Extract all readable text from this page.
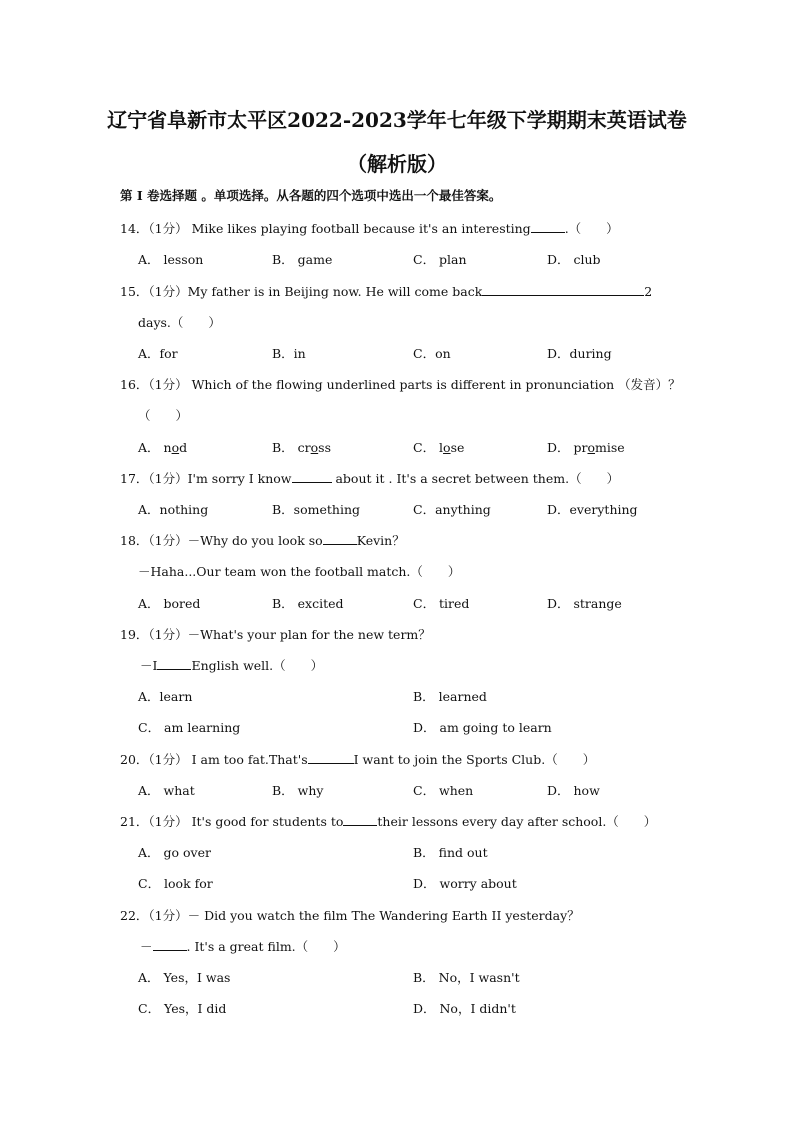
辽宁省阜新市太平区2022-2023学年七年级下学期期末英语试卷
（解析版）
第 I 卷选择题 。单项选择。从各题的四个选项中选出一个最佳答案。
14．（1分） Mike likes playing football because it's an interesting	.（　　）
A． lesson	B． game	C． plan	D． club
15．（1分）My father is in Beijing now. He will come back	2
days.（　　）
A．for	B．in	C．on	D．during
16．（1分） Which of the flowing underlined parts is different in pronunciation （发音）？
（　　）
A． nod	B． cross	C． lose	D． promise
17．（1分）I'm sorry I know	about it . It's a secret between them.（　　）
A．nothing	B．something	C．anything	D．everything
18．（1分）－Why do you look so	Kevin？
－Haha...Our team won the football match.（　　）
A． bored	B． excited	C． tired	D． strange
19．（1分）－What's your plan for the new term？
－I	English well.（　　）
A．learn	B． learned
C． am learning	D． am going to learn
20．（1分） I am too fat.That's	I want to join the Sports Club.（　　）
A． what	B． why	C． when	D． how
21．（1分） It's good for students to	their lessons every day after school.（　　）
A． go over	B． find out
C． look for	D． worry about
22．（1分）－ Did you watch the film The Wandering Earth II yesterday？
－	. It's a great film.（　　）
A． Yes，I was	B． No，I wasn't
C． Yes，I did	D． No，I didn't
